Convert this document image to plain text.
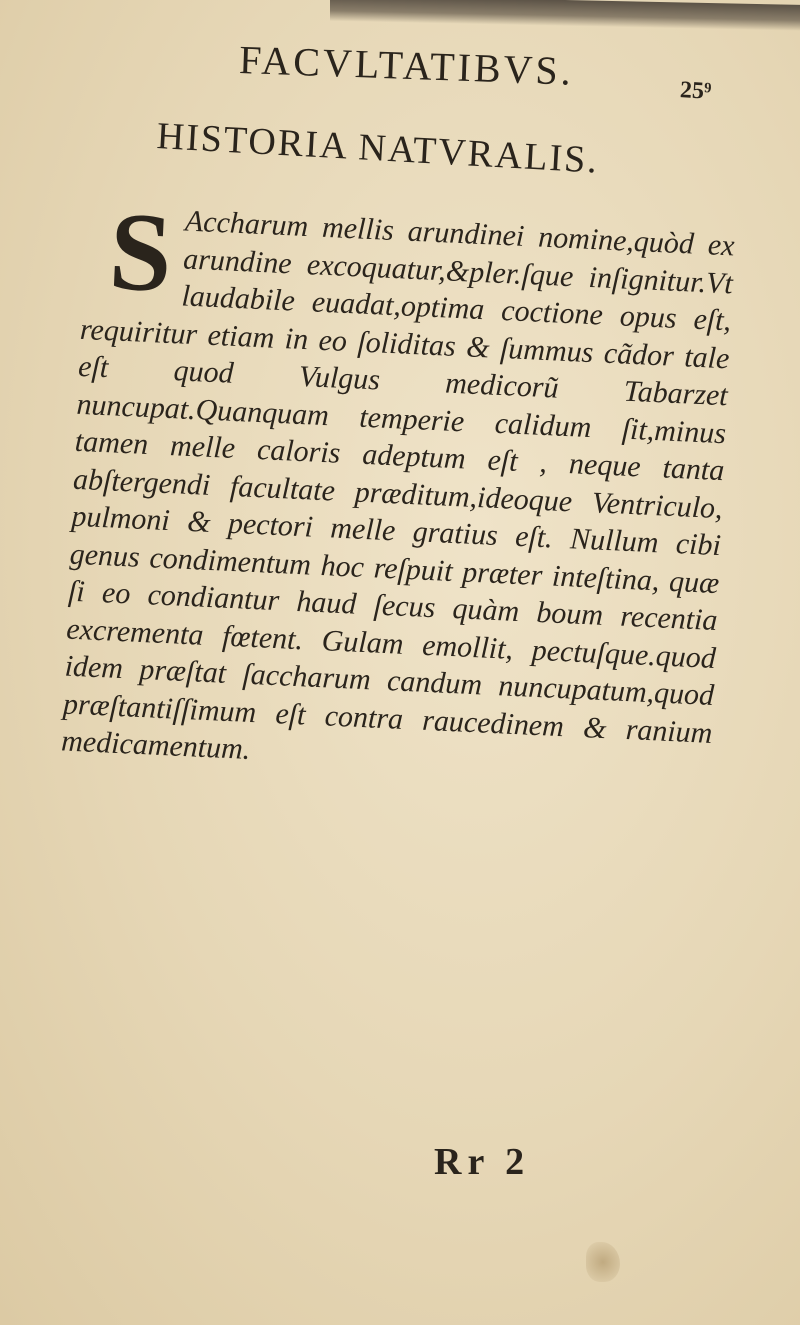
FACVLTATIBVS.	25⁹
HISTORIA NATVRALIS.
S Accharum mellis arundinei nomine,quòd ex arundine excoquatur,&pler.ſque inſignitur.Vt laudabile euadat,optima coctione opus eſt, requiritur etiam in eo ſoliditas & ſummus cãdor tale eſt quod Vulgus medicorũ Tabarzet nuncupat.Quanquam temperie calidum ſit,minus tamen melle caloris adeptum eſt , neque tanta abſtergendi facultate præditum,ideoque Ventriculo, pulmoni & pectori melle gratius eſt. Nullum cibi genus condimentum hoc reſpuit præter inteſtina, quæ ſi eo condiantur haud ſecus quàm boum recentia excrementa fœtent. Gulam emollit, pectuſque.quod idem præſtat ſaccharum candum nuncupatum,quod præſtantiſſimum eſt contra raucedinem & ranium medicamentum.

Rr 2
